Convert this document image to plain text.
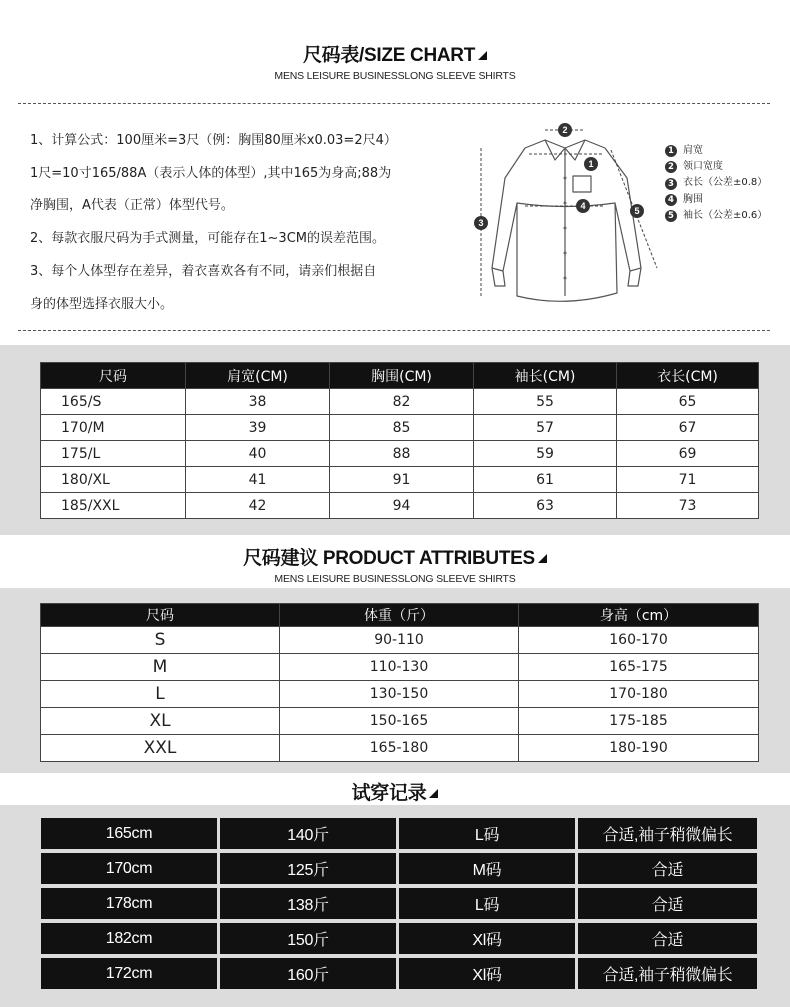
尺码表/SIZE CHART
MENS LEISURE BUSINESSLONG SLEEVE SHIRTS
1、计算公式：100厘米=3尺（例：胸围80厘米x0.03=2尺4）
1尺=10寸165/88A（表示人体的体型）,其中165为身高;88为
净胸围，A代表（正常）体型代号。
2、每款衣服尺码为手式测量，可能存在1~3CM的误差范围。
3、每个人体型存在差异，着衣喜欢各有不同，请亲们根据自
身的体型选择衣服大小。
2
1
3
4	5
1 肩宽
2 领口宽度
3 衣长（公差±0.8）
4 胸围
5 袖长（公差±0.6）
尺码	肩宽(CM)	胸围(CM)	袖长(CM)	衣长(CM)
165/S	38	82	55	65
170/M	39	85	57	67
175/L	40	88	59	69
180/XL	41	91	61	71
185/XXL	42	94	63	73
尺码建议 PRODUCT ATTRIBUTES
MENS LEISURE BUSINESSLONG SLEEVE SHIRTS
尺码	体重（斤）	身高（cm）
S	90-110	160-170
M	110-130	165-175
L	130-150	170-180
XL	150-165	175-185
XXL	165-180	180-190
试穿记录
165cm	140斤	L码	合适,袖子稍微偏长
170cm	125斤	M码	合适
178cm	138斤	L码	合适
182cm	150斤	Xl码	合适
172cm	160斤	Xl码	合适,袖子稍微偏长
